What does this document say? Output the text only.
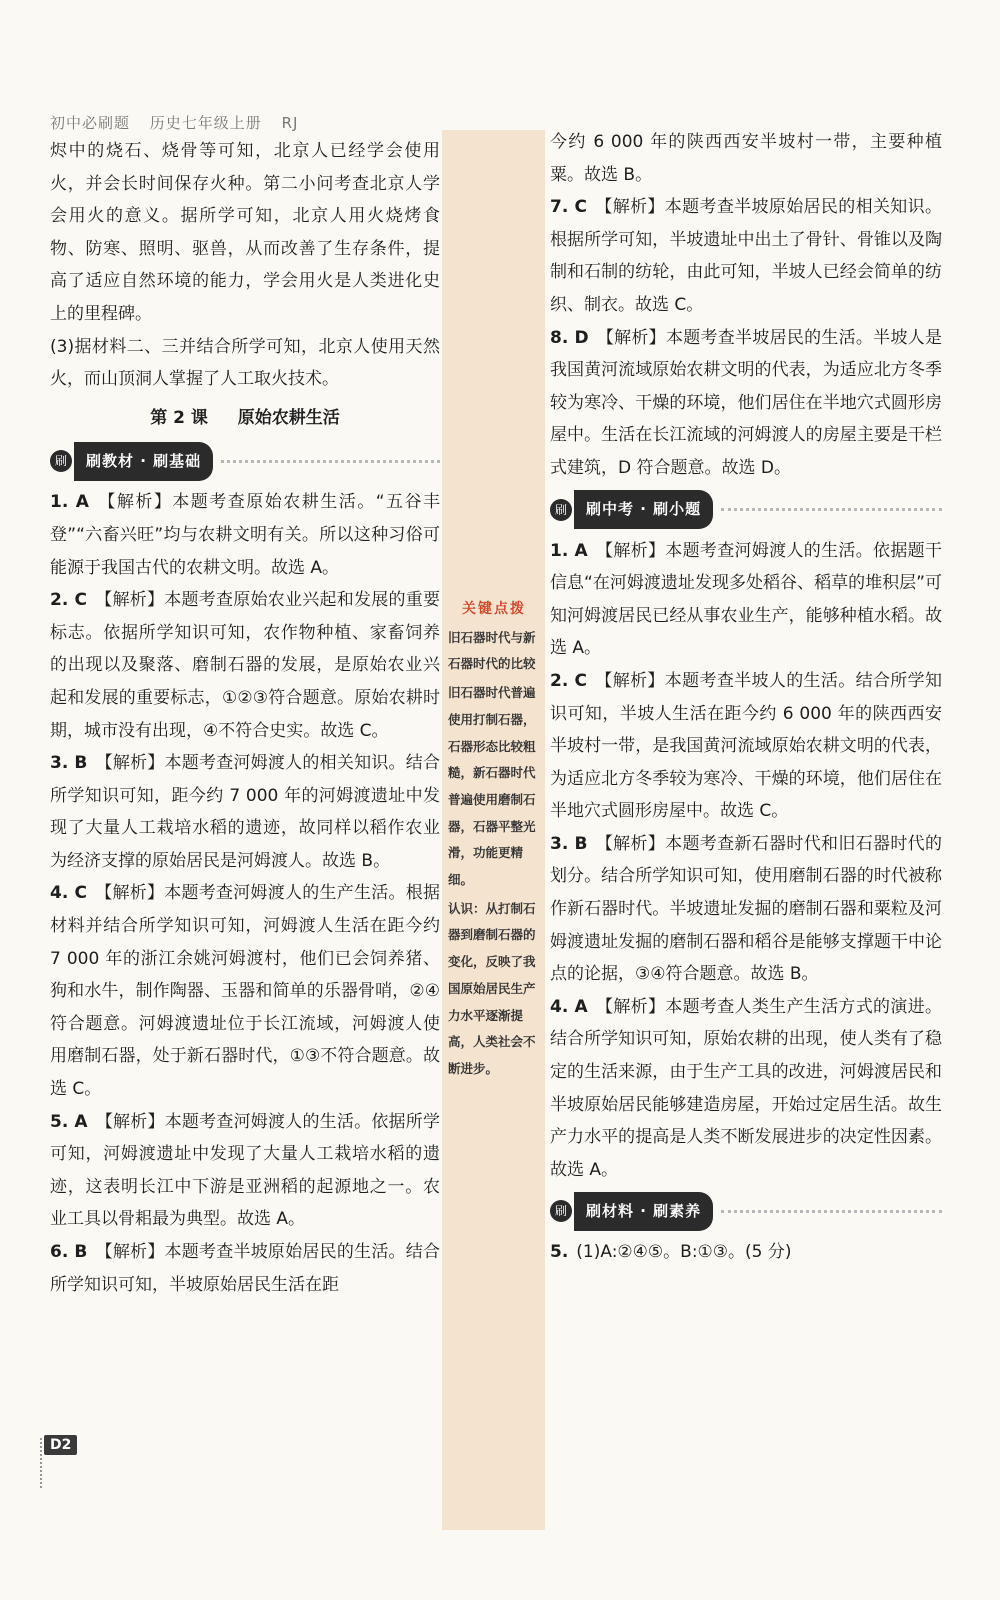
初中必刷题 历史七年级上册 RJ

烬中的烧石、烧骨等可知，北京人已经学会使用火，并会长时间保存火种。第二小问考查北京人学会用火的意义。据所学可知，北京人用火烧烤食物、防寒、照明、驱兽，从而改善了生存条件，提高了适应自然环境的能力，学会用火是人类进化史上的里程碑。

(3)据材料二、三并结合所学可知，北京人使用天然火，而山顶洞人掌握了人工取火技术。

第 2 课 原始农耕生活
刷	刷教材 · 刷基础

1. A 【解析】本题考查原始农耕生活。“五谷丰登”“六畜兴旺”均与农耕文明有关。所以这种习俗可能源于我国古代的农耕文明。故选 A。

2. C 【解析】本题考查原始农业兴起和发展的重要标志。依据所学知识可知，农作物种植、家畜饲养的出现以及聚落、磨制石器的发展，是原始农业兴起和发展的重要标志，①②③符合题意。原始农耕时期，城市没有出现，④不符合史实。故选 C。

3. B 【解析】本题考查河姆渡人的相关知识。结合所学知识可知，距今约 7 000 年的河姆渡遗址中发现了大量人工栽培水稻的遗迹，故同样以稻作农业为经济支撑的原始居民是河姆渡人。故选 B。

4. C 【解析】本题考查河姆渡人的生产生活。根据材料并结合所学知识可知，河姆渡人生活在距今约 7 000 年的浙江余姚河姆渡村，他们已会饲养猪、狗和水牛，制作陶器、玉器和简单的乐器骨哨，②④符合题意。河姆渡遗址位于长江流域，河姆渡人使用磨制石器，处于新石器时代，①③不符合题意。故选 C。

5. A 【解析】本题考查河姆渡人的生活。依据所学可知，河姆渡遗址中发现了大量人工栽培水稻的遗迹，这表明长江中下游是亚洲稻的起源地之一。农业工具以骨耜最为典型。故选 A。

6. B 【解析】本题考查半坡原始居民的生活。结合所学知识可知，半坡原始居民生活在距

关键点拨

旧石器时代与新石器时代的比较

旧石器时代普遍使用打制石器，石器形态比较粗糙，新石器时代普遍使用磨制石器，石器平整光滑，功能更精细。

认识：从打制石器到磨制石器的变化，反映了我国原始居民生产力水平逐渐提高，人类社会不断进步。

今约 6 000 年的陕西西安半坡村一带，主要种植粟。故选 B。

7. C 【解析】本题考查半坡原始居民的相关知识。根据所学可知，半坡遗址中出土了骨针、骨锥以及陶制和石制的纺轮，由此可知，半坡人已经会简单的纺织、制衣。故选 C。

8. D 【解析】本题考查半坡居民的生活。半坡人是我国黄河流域原始农耕文明的代表，为适应北方冬季较为寒冷、干燥的环境，他们居住在半地穴式圆形房屋中。生活在长江流域的河姆渡人的房屋主要是干栏式建筑，D 符合题意。故选 D。

刷	刷中考 · 刷小题

1. A 【解析】本题考查河姆渡人的生活。依据题干信息“在河姆渡遗址发现多处稻谷、稻草的堆积层”可知河姆渡居民已经从事农业生产，能够种植水稻。故选 A。

2. C 【解析】本题考查半坡人的生活。结合所学知识可知，半坡人生活在距今约 6 000 年的陕西西安半坡村一带，是我国黄河流域原始农耕文明的代表，为适应北方冬季较为寒冷、干燥的环境，他们居住在半地穴式圆形房屋中。故选 C。

3. B 【解析】本题考查新石器时代和旧石器时代的划分。结合所学知识可知，使用磨制石器的时代被称作新石器时代。半坡遗址发掘的磨制石器和粟粒及河姆渡遗址发掘的磨制石器和稻谷是能够支撑题干中论点的论据，③④符合题意。故选 B。

4. A 【解析】本题考查人类生产生活方式的演进。结合所学知识可知，原始农耕的出现，使人类有了稳定的生活来源，由于生产工具的改进，河姆渡居民和半坡原始居民能够建造房屋，开始过定居生活。故生产力水平的提高是人类不断发展进步的决定性因素。故选 A。

刷	刷材料 · 刷素养

5. (1)A:②④⑤。B:①③。(5 分)

D2
